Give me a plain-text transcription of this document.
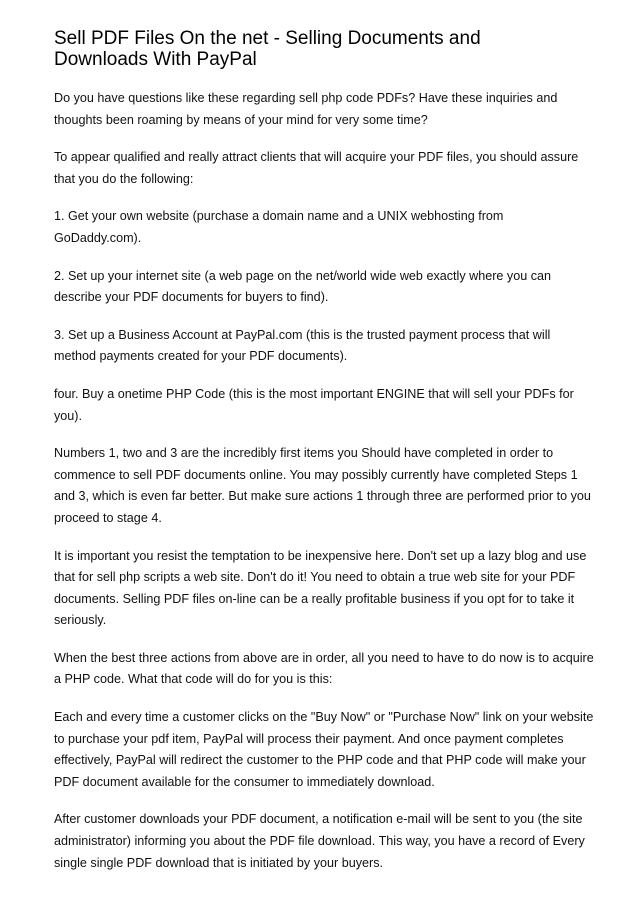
Sell PDF Files On the net - Selling Documents and
Downloads With PayPal

Do you have questions like these regarding sell php code PDFs? Have these inquiries and thoughts been roaming by means of your mind for very some time?

To appear qualified and really attract clients that will acquire your PDF files, you should assure that you do the following:

1. Get your own website (purchase a domain name and a UNIX webhosting from GoDaddy.com).

2. Set up your internet site (a web page on the net/world wide web exactly where you can describe your PDF documents for buyers to find).

3. Set up a Business Account at PayPal.com (this is the trusted payment process that will method payments created for your PDF documents).

four. Buy a onetime PHP Code (this is the most important ENGINE that will sell your PDFs for you).

Numbers 1, two and 3 are the incredibly first items you Should have completed in order to commence to sell PDF documents online. You may possibly currently have completed Steps 1 and 3, which is even far better. But make sure actions 1 through three are performed prior to you proceed to stage 4.

It is important you resist the temptation to be inexpensive here. Don't set up a lazy blog and use that for sell php scripts a web site. Don't do it! You need to obtain a true web site for your PDF documents. Selling PDF files on-line can be a really profitable business if you opt for to take it seriously.

When the best three actions from above are in order, all you need to have to do now is to acquire a PHP code. What that code will do for you is this:

Each and every time a customer clicks on the "Buy Now" or "Purchase Now" link on your website to purchase your pdf item, PayPal will process their payment. And once payment completes effectively, PayPal will redirect the customer to the PHP code and that PHP code will make your PDF document available for the consumer to immediately download.

After customer downloads your PDF document, a notification e-mail will be sent to you (the site administrator) informing you about the PDF file download. This way, you have a record of Every single single PDF download that is initiated by your buyers.
